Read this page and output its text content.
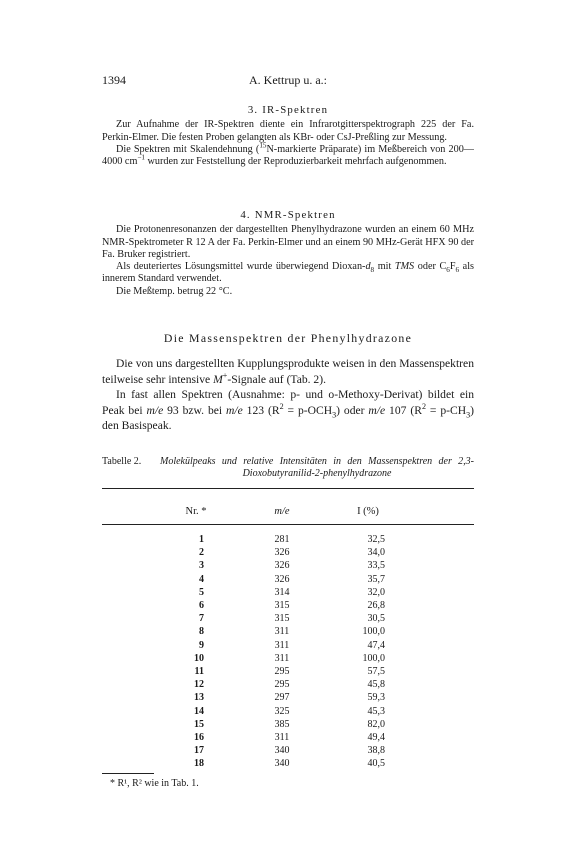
1394	A. Kettrup u. a.:
3. IR-Spektren

Zur Aufnahme der IR-Spektren diente ein Infrarotgitterspektrograph 225 der Fa. Perkin-Elmer. Die festen Proben gelangten als KBr- oder CsJ-Preßling zur Messung.

Die Spektren mit Skalendehnung ($^{15}$N-markierte Präparate) im Meßbereich von 200—4000 $cm^{-1}$ wurden zur Feststellung der Reproduzierbarkeit mehrfach aufgenommen.

4. NMR-Spektren

Die Protonenresonanzen der dargestellten Phenylhydrazone wurden an einem 60 MHz NMR-Spektrometer R 12 A der Fa. Perkin-Elmer und an einem 90 MHz-Gerät HFX 90 der Fa. Bruker registriert.

Als deuteriertes Lösungsmittel wurde überwiegend Dioxan-$d_8$ mit TMS oder $C_6F_6$ als innerem Standard verwendet.

Die Meßtemp. betrug 22 °C.

Die Massenspektren der Phenylhydrazone

Die von uns dargestellten Kupplungsprodukte weisen in den Massenspektren teilweise sehr intensive M+-Signale auf (Tab. 2).

In fast allen Spektren (Ausnahme: p- und o-Methoxy-Derivat) bildet ein Peak bei m/e 93 bzw. bei m/e 123 $(R^2 = p-OCH_3)$ oder m/e 107 $(R^2 = p-CH_3)$ den Basispeak.

Tabelle 2. Molekülpeaks und relative Intensitäten in den Massenspektren der 2,3-Dioxobutyranilid-2-phenylhydrazone
Nr. *	m/e	I (%)
1	281	32,5
2	326	34,0
3	326	33,5
4	326	35,7
5	314	32,0
6	315	26,8
7	315	30,5
8	311	100,0
9	311	47,4
10	311	100,0
11	295	57,5
12	295	45,8
13	297	59,3
14	325	45,3
15	385	82,0
16	311	49,4
17	340	38,8
18	340	40,5
* R¹, R² wie in Tab. 1.
